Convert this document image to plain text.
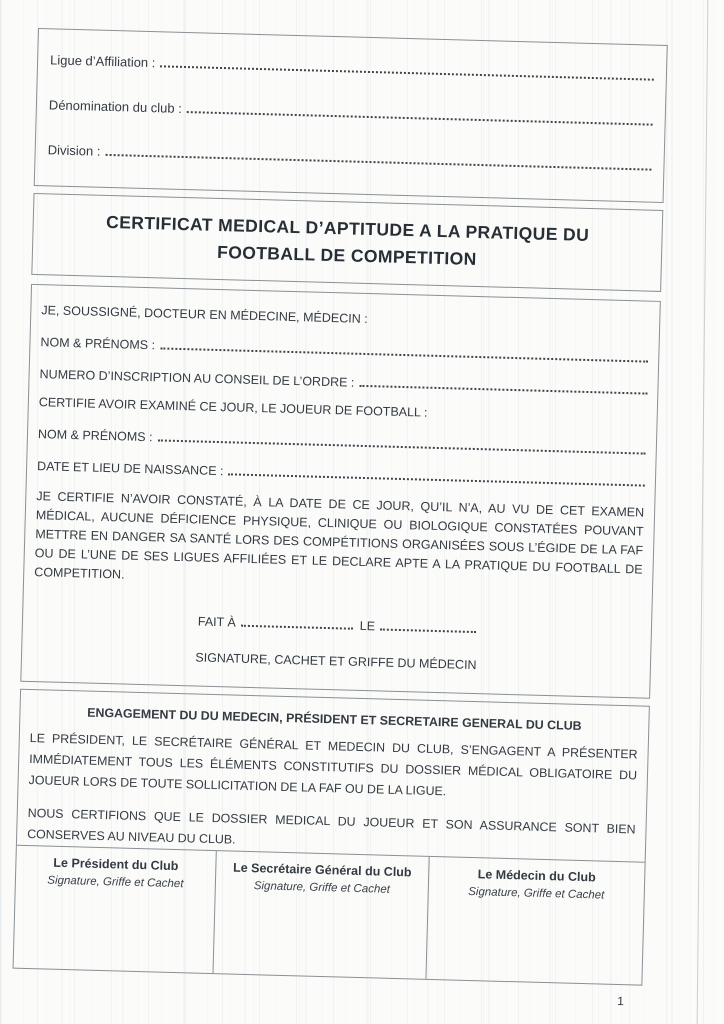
Ligue d’Affiliation :
Dénomination du club :
Division :
CERTIFICAT MEDICAL D’APTITUDE A LA PRATIQUE DU
FOOTBALL DE COMPETITION
JE, SOUSSIGNÉ, DOCTEUR EN MÉDECINE, MÉDECIN :
NOM & PRÉNOMS :
NUMERO D’INSCRIPTION AU CONSEIL DE L’ORDRE :
CERTIFIE AVOIR EXAMINÉ CE JOUR, LE JOUEUR DE FOOTBALL :
NOM & PRÉNOMS :
DATE ET LIEU DE NAISSANCE :
JE CERTIFIE N’AVOIR CONSTATÉ, À LA DATE DE CE JOUR, QU’IL N’A, AU VU DE CET EXAMEN MÉDICAL, AUCUNE DÉFICIENCE PHYSIQUE, CLINIQUE OU BIOLOGIQUE CONSTATÉES POUVANT METTRE EN DANGER SA SANTÉ LORS DES COMPÉTITIONS ORGANISÉES SOUS L’ÉGIDE DE LA FAF OU DE L’UNE DE SES LIGUES AFFILIÉES ET LE DECLARE APTE A LA PRATIQUE DU FOOTBALL DE COMPETITION.
FAIT À	LE
SIGNATURE, CACHET ET GRIFFE DU MÉDECIN
ENGAGEMENT DU DU MEDECIN, PRÉSIDENT ET SECRETAIRE GENERAL DU CLUB
LE PRÉSIDENT, LE SECRÉTAIRE GÉNÉRAL ET MEDECIN DU CLUB, S’ENGAGENT A PRÉSENTER IMMÉDIATEMENT TOUS LES ÉLÉMENTS CONSTITUTIFS DU DOSSIER MÉDICAL OBLIGATOIRE DU JOUEUR LORS DE TOUTE SOLLICITATION DE LA FAF OU DE LA LIGUE.
NOUS CERTIFIONS QUE LE DOSSIER MEDICAL DU JOUEUR ET SON ASSURANCE SONT BIEN CONSERVES AU NIVEAU DU CLUB.
Le Président du Club
Signature, Griffe et Cachet
Le Secrétaire Général du Club
Signature, Griffe et Cachet
Le Médecin du Club
Signature, Griffe et Cachet
1
